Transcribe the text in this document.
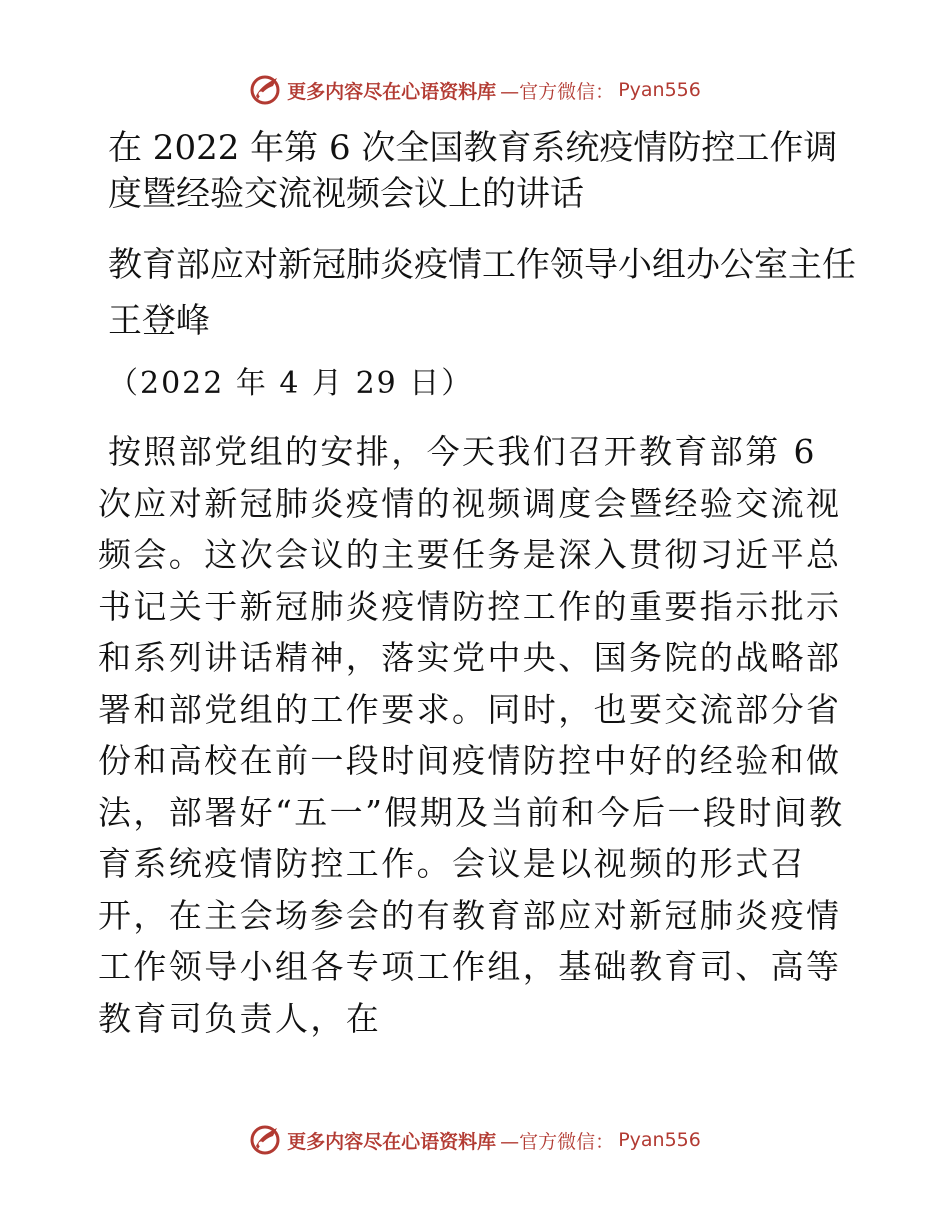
更多内容尽在心语资料库 —官方微信： Pyan556

在 2022 年第 6 次全国教育系统疫情防控工作调度暨经验交流视频会议上的讲话

教育部应对新冠肺炎疫情工作领导小组办公室主任　王登峰

（2022 年 4 月 29 日）

按照部党组的安排，今天我们召开教育部第 6 次应对新冠肺炎疫情的视频调度会暨经验交流视频会。这次会议的主要任务是深入贯彻习近平总书记关于新冠肺炎疫情防控工作的重要指示批示和系列讲话精神，落实党中央、国务院的战略部署和部党组的工作要求。同时，也要交流部分省份和高校在前一段时间疫情防控中好的经验和做法，部署好“五一”假期及当前和今后一段时间教育系统疫情防控工作。会议是以视频的形式召开，在主会场参会的有教育部应对新冠肺炎疫情工作领导小组各专项工作组，基础教育司、高等教育司负责人，在

更多内容尽在心语资料库 —官方微信： Pyan556
